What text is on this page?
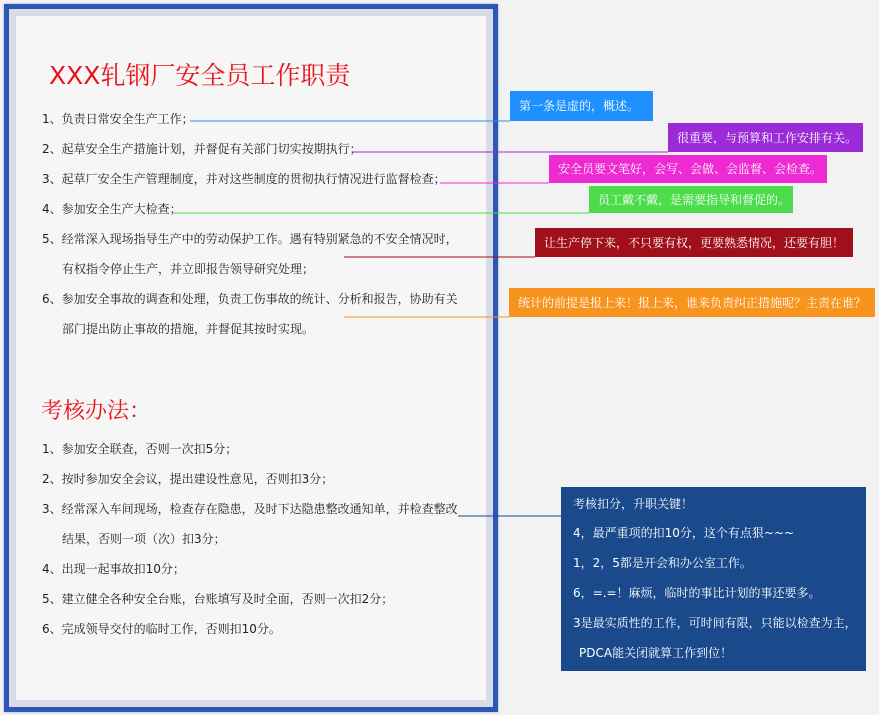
XXX轧钢厂安全员工作职责
1、负责日常安全生产工作；
2、起草安全生产措施计划，并督促有关部门切实按期执行；
3、起草厂安全生产管理制度，并对这些制度的贯彻执行情况进行监督检查；
4、参加安全生产大检查；
5、经常深入现场指导生产中的劳动保护工作。遇有特别紧急的不安全情况时，
有权指令停止生产，并立即报告领导研究处理；
6、参加安全事故的调查和处理，负责工伤事故的统计、分析和报告，协助有关
部门提出防止事故的措施，并督促其按时实现。
考核办法：
1、参加安全联查，否则一次扣5分；
2、按时参加安全会议，提出建设性意见，否则扣3分；
3、经常深入车间现场，检查存在隐患，及时下达隐患整改通知单，并检查整改
结果，否则一项（次）扣3分；
4、出现一起事故扣10分；
5、建立健全各种安全台账，台账填写及时全面，否则一次扣2分；
6、完成领导交付的临时工作，否则扣10分。
第一条是虚的，概述。
很重要，与预算和工作安排有关。
安全员要文笔好，会写、会做、会监督、会检查。
员工戴不戴，是需要指导和督促的。
让生产停下来，不只要有权，更要熟悉情况，还要有胆！
统计的前提是报上来！报上来，谁来负责纠正措施呢？主责在谁？
考核扣分，升职关键！
4，最严重项的扣10分，这个有点狠~~~
1，2，5都是开会和办公室工作。
6，=.=！麻烦，临时的事比计划的事还要多。
3是最实质性的工作，可时间有限，只能以检查为主，
PDCA能关闭就算工作到位！
